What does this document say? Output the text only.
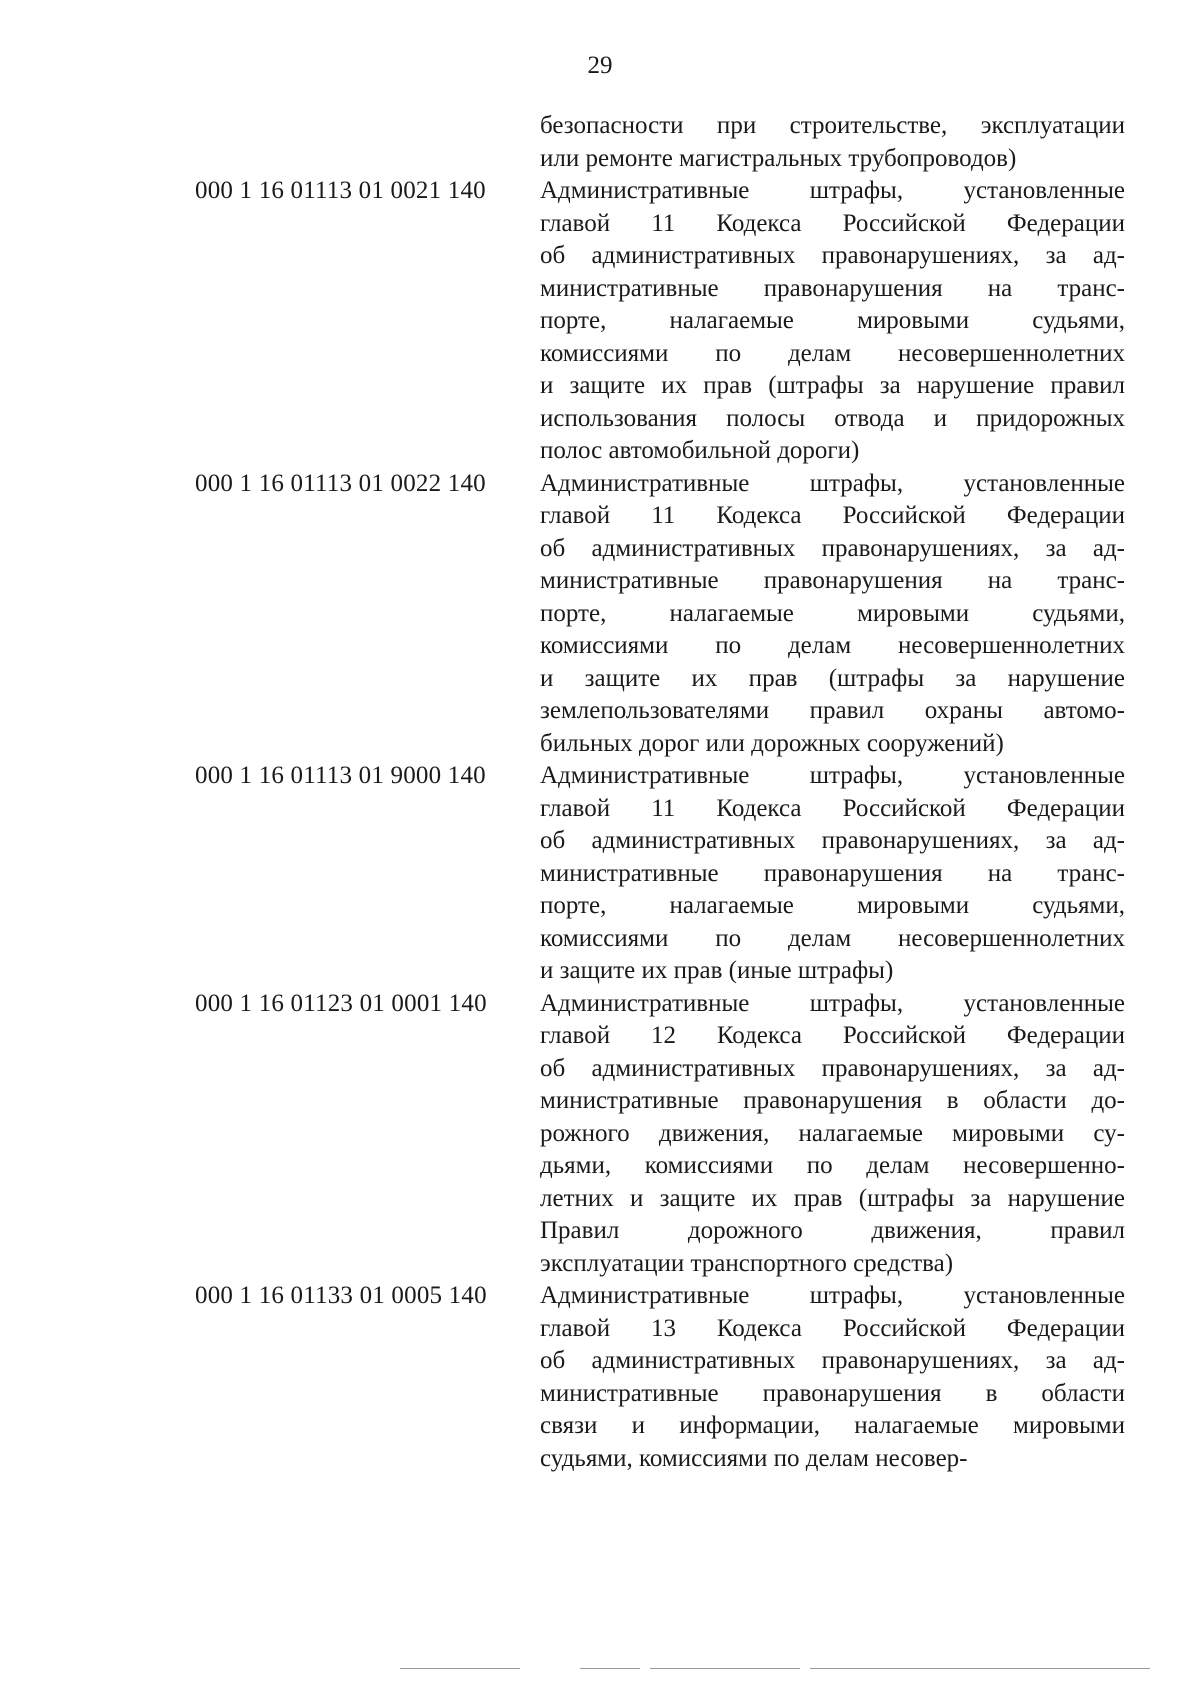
29
безопасности при строительстве, эксплуатации
или ремонте магистральных трубопроводов)
000 1 16 01113 01 0021 140	Административные штрафы, установленные
главой 11 Кодекса Российской Федерации
об административных правонарушениях, за ад-
министративные правонарушения на транс-
порте, налагаемые мировыми судьями,
комиссиями по делам несовершеннолетних
и защите их прав (штрафы за нарушение правил
использования полосы отвода и придорожных
полос автомобильной дороги)
000 1 16 01113 01 0022 140	Административные штрафы, установленные
главой 11 Кодекса Российской Федерации
об административных правонарушениях, за ад-
министративные правонарушения на транс-
порте, налагаемые мировыми судьями,
комиссиями по делам несовершеннолетних
и защите их прав (штрафы за нарушение
землепользователями правил охраны автомо-
бильных дорог или дорожных сооружений)
000 1 16 01113 01 9000 140	Административные штрафы, установленные
главой 11 Кодекса Российской Федерации
об административных правонарушениях, за ад-
министративные правонарушения на транс-
порте, налагаемые мировыми судьями,
комиссиями по делам несовершеннолетних
и защите их прав (иные штрафы)
000 1 16 01123 01 0001 140	Административные штрафы, установленные
главой 12 Кодекса Российской Федерации
об административных правонарушениях, за ад-
министративные правонарушения в области до-
рожного движения, налагаемые мировыми су-
дьями, комиссиями по делам несовершенно-
летних и защите их прав (штрафы за нарушение
Правил дорожного движения, правил
эксплуатации транспортного средства)
000 1 16 01133 01 0005 140	Административные штрафы, установленные
главой 13 Кодекса Российской Федерации
об административных правонарушениях, за ад-
министративные правонарушения в области
связи и информации, налагаемые мировыми
судьями, комиссиями по делам несовер-
